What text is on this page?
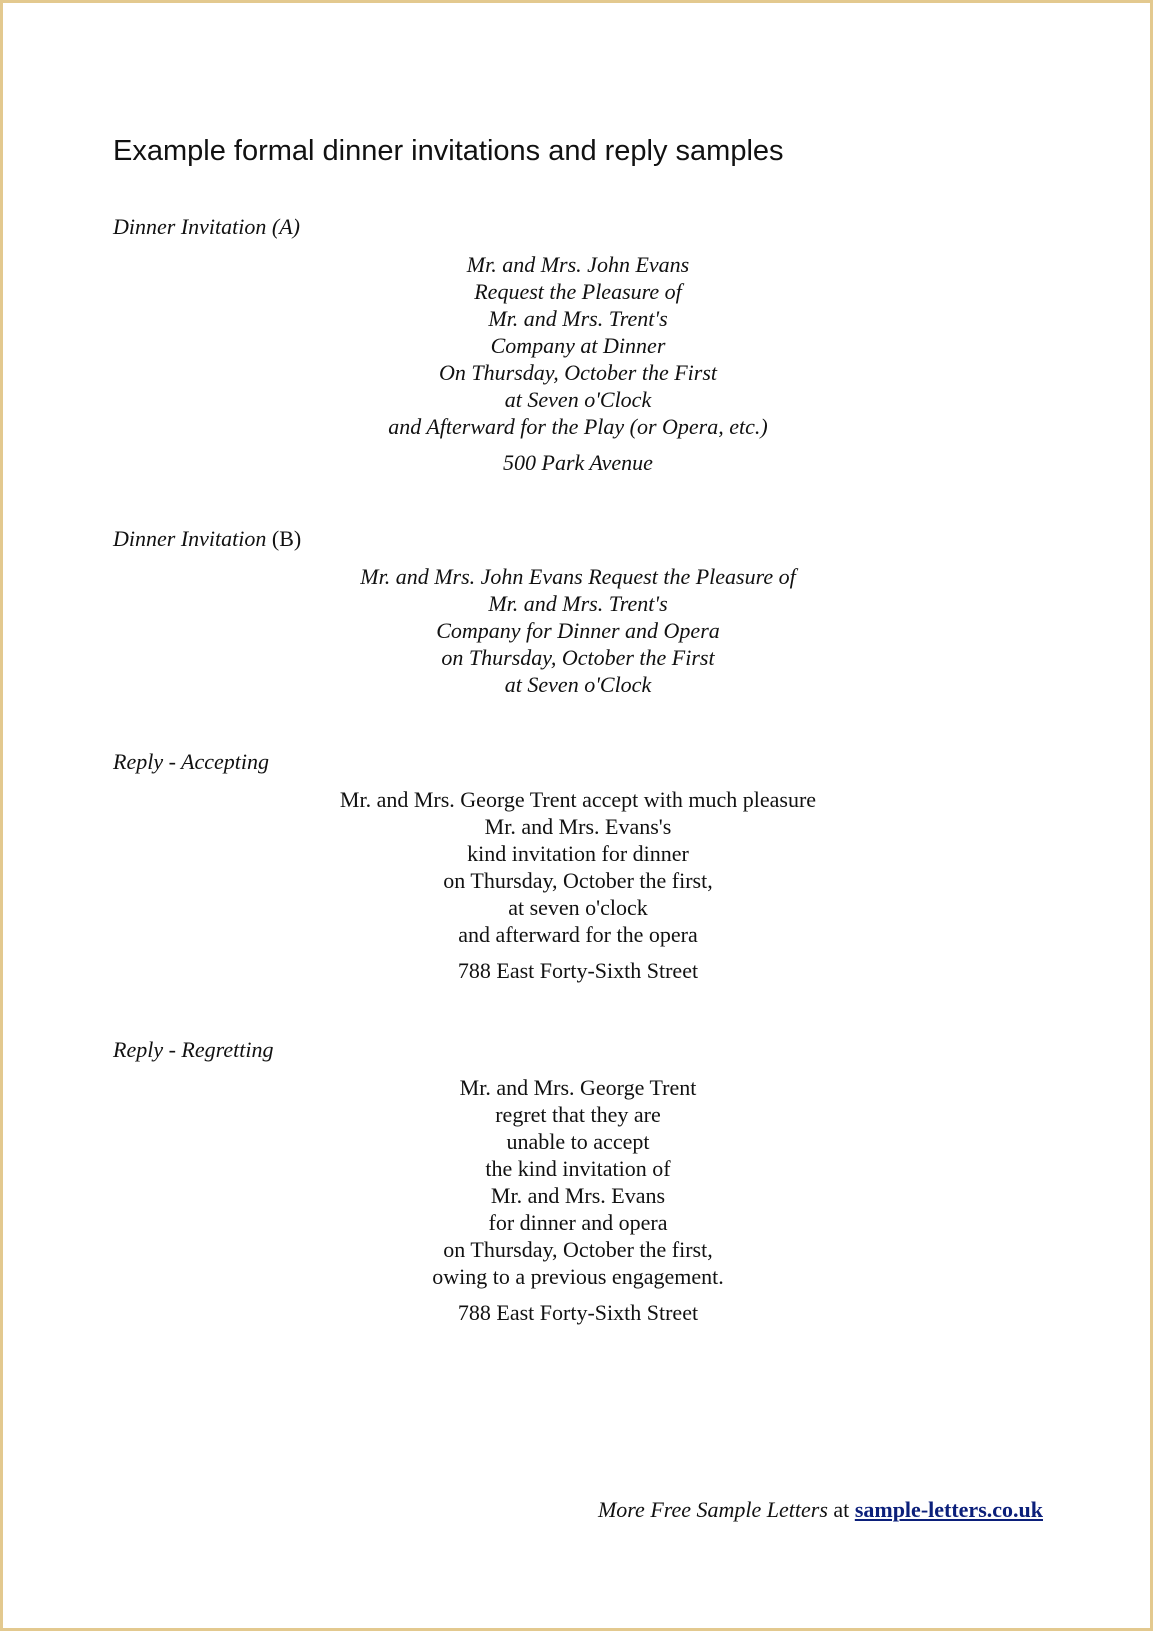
Example formal dinner invitations and reply samples

Dinner Invitation (A)

Mr. and Mrs. John Evans
Request the Pleasure of
Mr. and Mrs. Trent's
Company at Dinner
On Thursday, October the First
at Seven o'Clock
and Afterward for the Play (or Opera, etc.)
500 Park Avenue

Dinner Invitation (B)

Mr. and Mrs. John Evans Request the Pleasure of
Mr. and Mrs. Trent's
Company for Dinner and Opera
on Thursday, October the First
at Seven o'Clock

Reply - Accepting

Mr. and Mrs. George Trent accept with much pleasure
Mr. and Mrs. Evans's
kind invitation for dinner
on Thursday, October the first,
at seven o'clock
and afterward for the opera
788 East Forty-Sixth Street

Reply - Regretting

Mr. and Mrs. George Trent
regret that they are
unable to accept
the kind invitation of
Mr. and Mrs. Evans
for dinner and opera
on Thursday, October the first,
owing to a previous engagement.
788 East Forty-Sixth Street
More Free Sample Letters at sample-letters.co.uk
